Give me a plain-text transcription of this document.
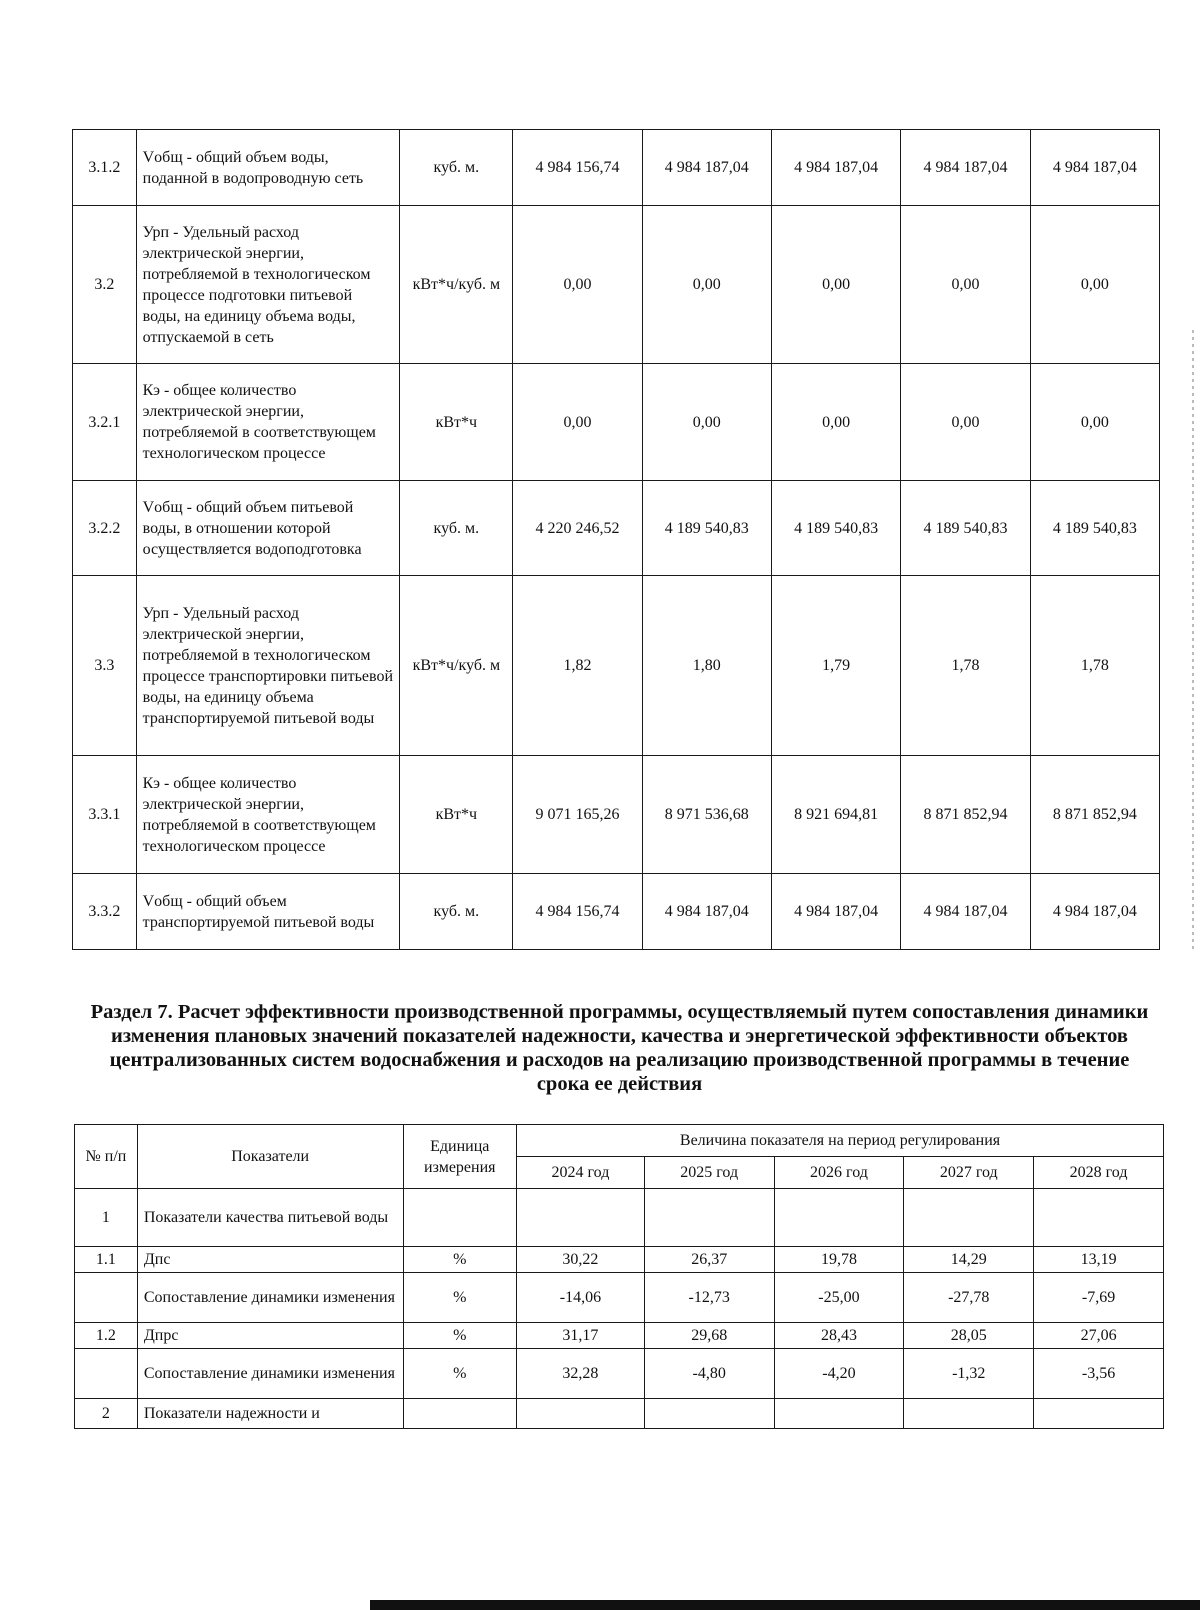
3.1.2	Vобщ - общий объем воды, поданной в водопроводную сеть	куб. м.	4 984 156,74	4 984 187,04	4 984 187,04	4 984 187,04	4 984 187,04
3.2	Урп - Удельный расход электрической энергии, потребляемой в технологическом процессе подготовки питьевой воды, на единицу объема воды, отпускаемой в сеть	кВт*ч/куб. м	0,00	0,00	0,00	0,00	0,00
3.2.1	Кэ - общее количество электрической энергии, потребляемой в соответствующем технологическом процессе	кВт*ч	0,00	0,00	0,00	0,00	0,00
3.2.2	Vобщ - общий объем питьевой воды, в отношении которой осуществляется водоподготовка	куб. м.	4 220 246,52	4 189 540,83	4 189 540,83	4 189 540,83	4 189 540,83
3.3	Урп - Удельный расход электрической энергии, потребляемой в технологическом процессе транспортировки питьевой воды, на единицу объема транспортируемой питьевой воды	кВт*ч/куб. м	1,82	1,80	1,79	1,78	1,78
3.3.1	Кэ - общее количество электрической энергии, потребляемой в соответствующем технологическом процессе	кВт*ч	9 071 165,26	8 971 536,68	8 921 694,81	8 871 852,94	8 871 852,94
3.3.2	Vобщ - общий объем транспортируемой питьевой воды	куб. м.	4 984 156,74	4 984 187,04	4 984 187,04	4 984 187,04	4 984 187,04
Раздел 7. Расчет эффективности производственной программы, осуществляемый путем сопоставления динамики изменения плановых значений показателей надежности, качества и энергетической эффективности объектов централизованных систем водоснабжения и расходов на реализацию производственной программы в течение срока ее действия
№ п/п	Показатели	Единица измерения	Величина показателя на период регулирования				
			2024 год	2025 год	2026 год	2027 год	2028 год
1	Показатели качества питьевой воды						
1.1	Дпс	%	30,22	26,37	19,78	14,29	13,19
	Сопоставление динамики изменения	%	-14,06	-12,73	-25,00	-27,78	-7,69
1.2	Дпрс	%	31,17	29,68	28,43	28,05	27,06
	Сопоставление динамики изменения	%	32,28	-4,80	-4,20	-1,32	-3,56
2	Показатели надежности и						
